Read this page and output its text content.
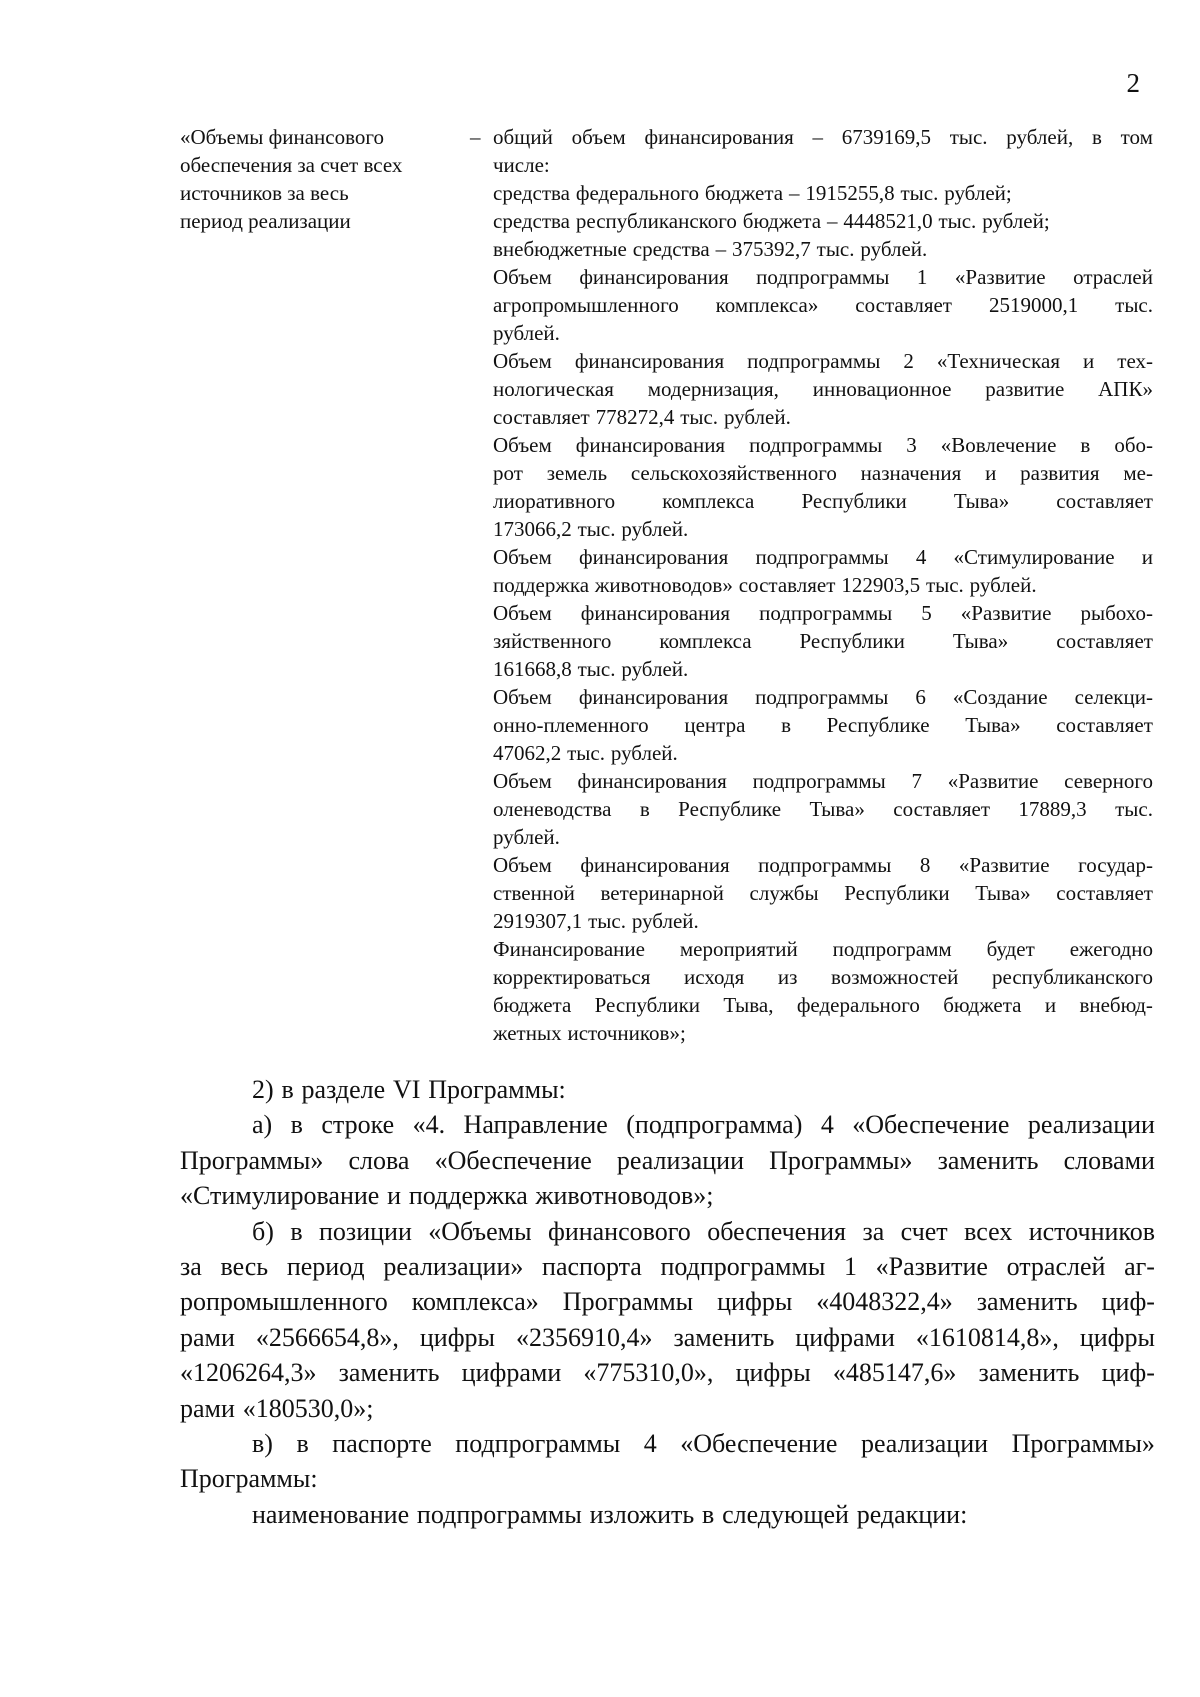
2
«Объемы финансового
обеспечения за счет всех
источников за весь
период реализации
– общий объем финансирования – 6739169,5 тыс. рублей, в том
числе:
средства федерального бюджета – 1915255,8 тыс. рублей;
средства республиканского бюджета – 4448521,0 тыс. рублей;
внебюджетные средства – 375392,7 тыс. рублей.
Объем финансирования подпрограммы 1 «Развитие отраслей
агропромышленного комплекса» составляет 2519000,1 тыс.
рублей.
Объем финансирования подпрограммы 2 «Техническая и тех-
нологическая модернизация, инновационное развитие АПК»
составляет 778272,4 тыс. рублей.
Объем финансирования подпрограммы 3 «Вовлечение в обо-
рот земель сельскохозяйственного назначения и развития ме-
лиоративного комплекса Республики Тыва» составляет
173066,2 тыс. рублей.
Объем финансирования подпрограммы 4 «Стимулирование и
поддержка животноводов» составляет 122903,5 тыс. рублей.
Объем финансирования подпрограммы 5 «Развитие рыбохо-
зяйственного комплекса Республики Тыва» составляет
161668,8 тыс. рублей.
Объем финансирования подпрограммы 6 «Создание селекци-
онно-племенного центра в Республике Тыва» составляет
47062,2 тыс. рублей.
Объем финансирования подпрограммы 7 «Развитие северного
оленеводства в Республике Тыва» составляет 17889,3 тыс.
рублей.
Объем финансирования подпрограммы 8 «Развитие государ-
ственной ветеринарной службы Республики Тыва» составляет
2919307,1 тыс. рублей.
Финансирование мероприятий подпрограмм будет ежегодно
корректироваться исходя из возможностей республиканского
бюджета Республики Тыва, федерального бюджета и внебюд-
жетных источников»;
2) в разделе VI Программы:
а) в строке «4. Направление (подпрограмма) 4 «Обеспечение реализации
Программы» слова «Обеспечение реализации Программы» заменить словами
«Стимулирование и поддержка животноводов»;
б) в позиции «Объемы финансового обеспечения за счет всех источников
за весь период реализации» паспорта подпрограммы 1 «Развитие отраслей аг-
ропромышленного комплекса» Программы цифры «4048322,4» заменить циф-
рами «2566654,8», цифры «2356910,4» заменить цифрами «1610814,8», цифры
«1206264,3» заменить цифрами «775310,0», цифры «485147,6» заменить циф-
рами «180530,0»;
в) в паспорте подпрограммы 4 «Обеспечение реализации Программы»
Программы:
наименование подпрограммы изложить в следующей редакции:
